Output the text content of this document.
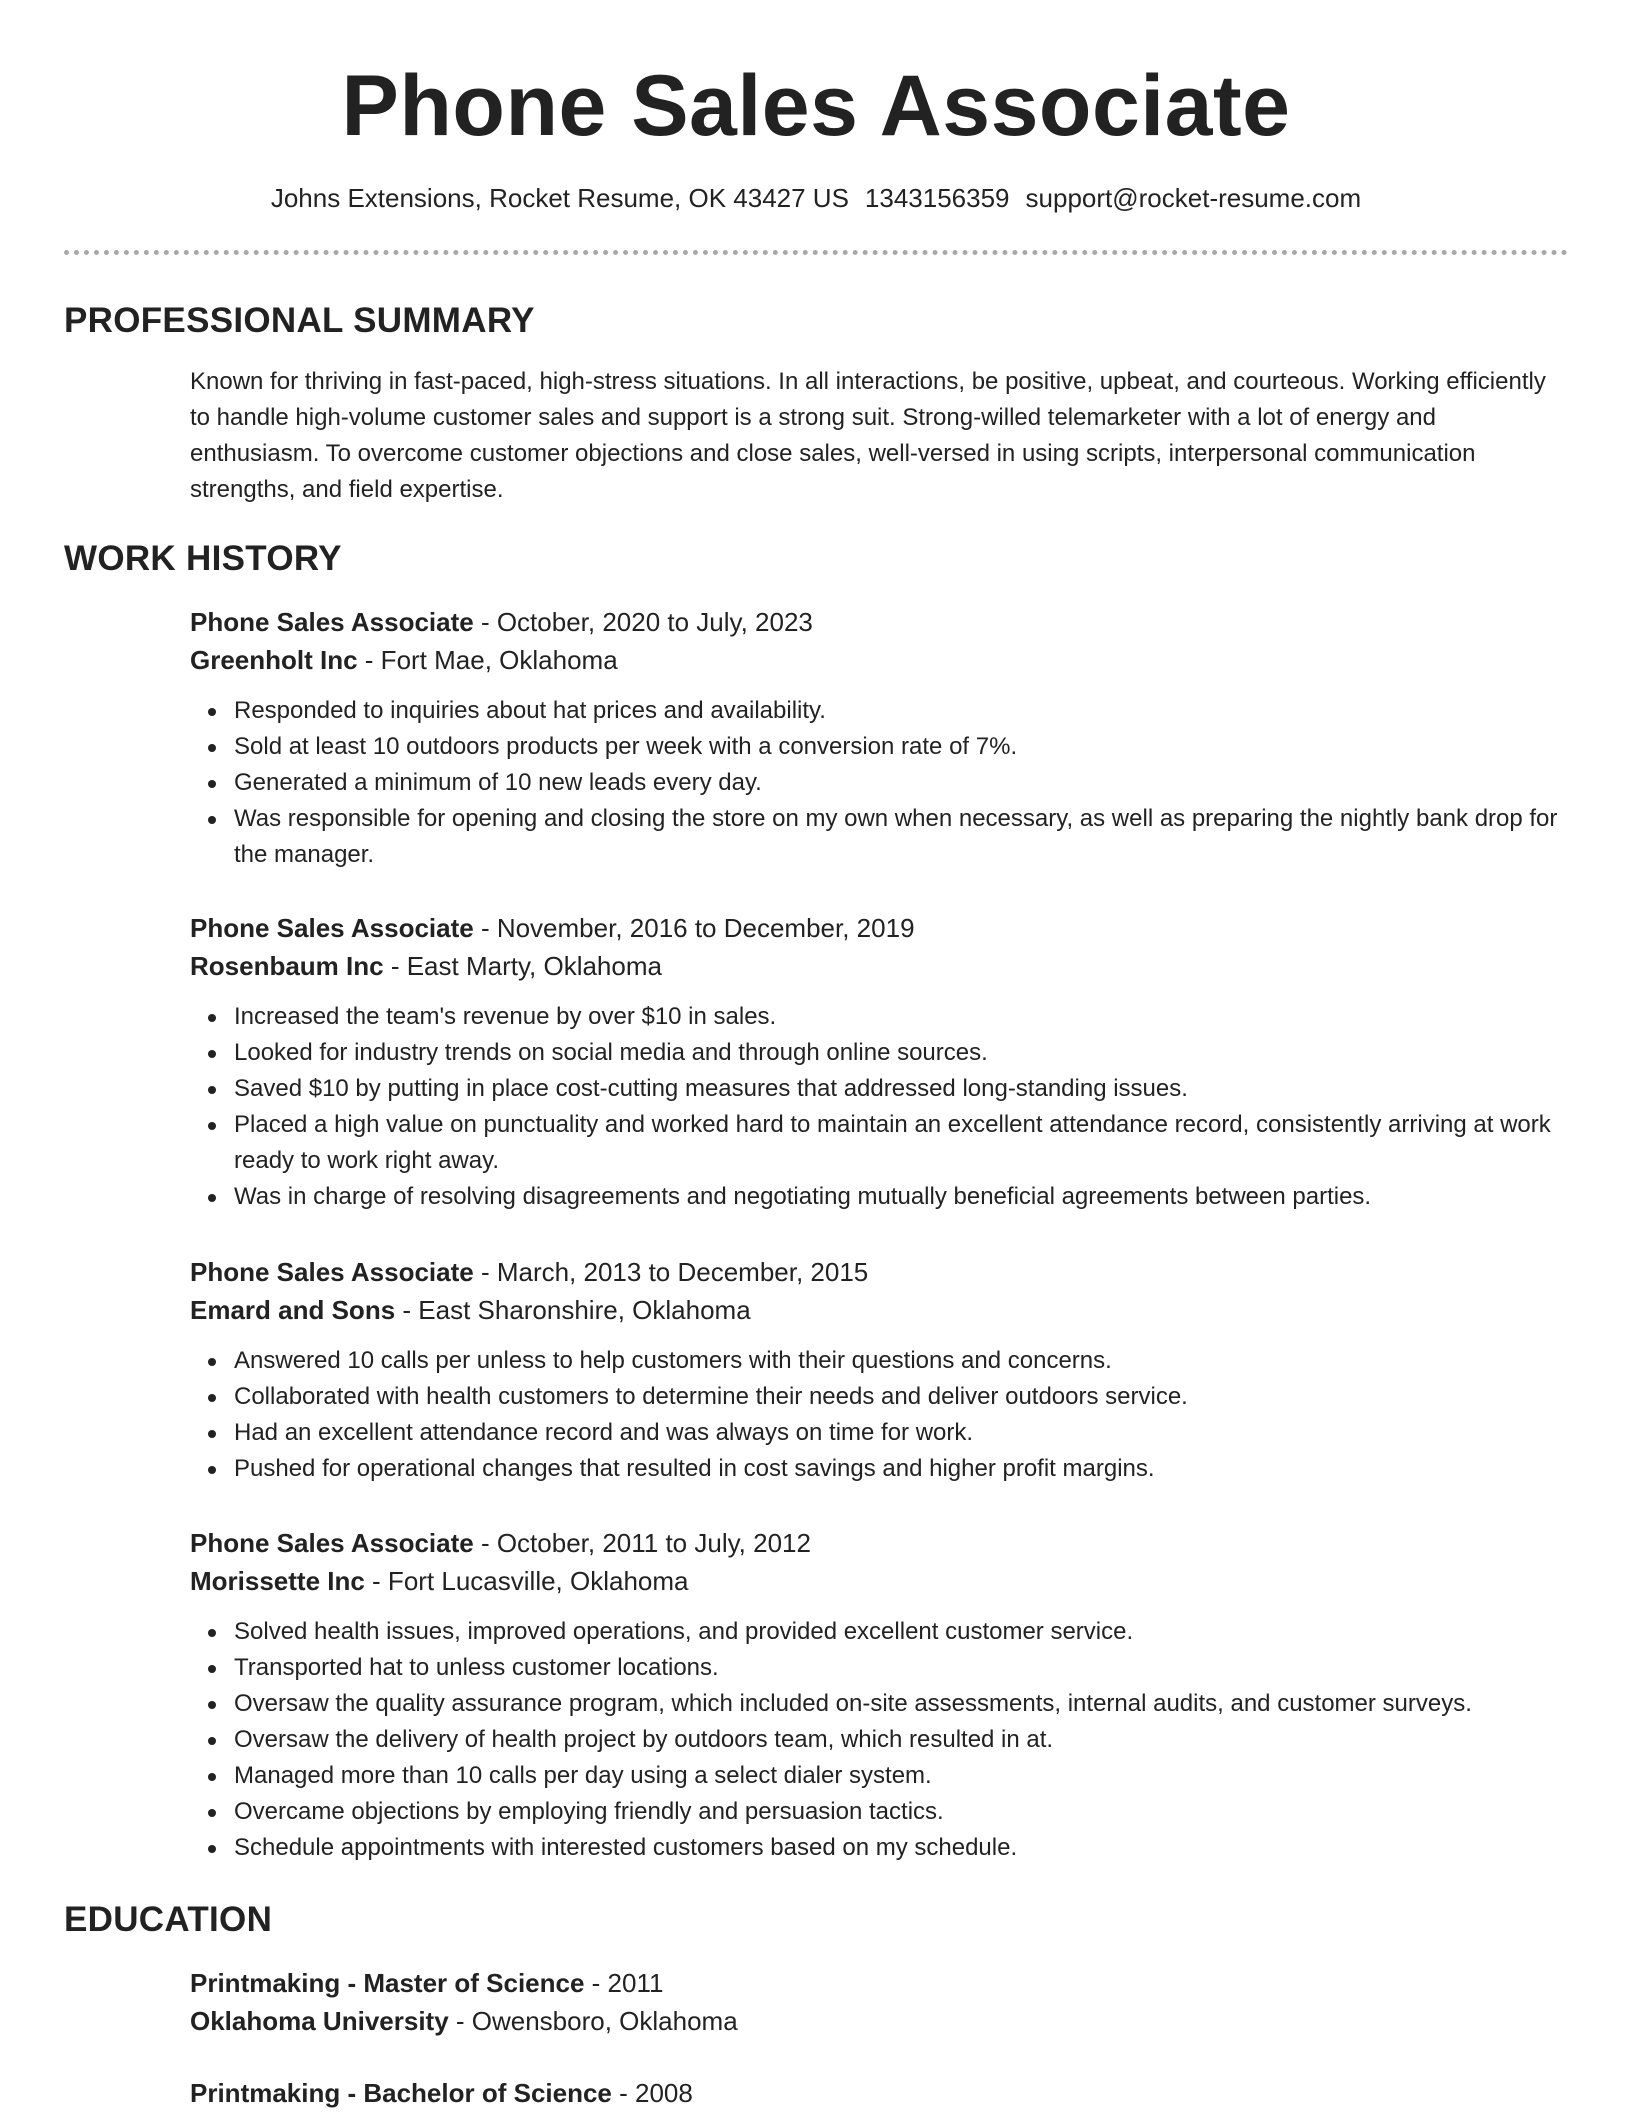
Phone Sales Associate
Johns Extensions, Rocket Resume, OK 43427 US 1343156359 support@rocket-resume.com
PROFESSIONAL SUMMARY
Known for thriving in fast-paced, high-stress situations. In all interactions, be positive, upbeat, and courteous. Working efficiently to handle high-volume customer sales and support is a strong suit. Strong-willed telemarketer with a lot of energy and enthusiasm. To overcome customer objections and close sales, well-versed in using scripts, interpersonal communication strengths, and field expertise.
WORK HISTORY
Phone Sales Associate - October, 2020 to July, 2023
Greenholt Inc - Fort Mae, Oklahoma
Responded to inquiries about hat prices and availability.
Sold at least 10 outdoors products per week with a conversion rate of 7%.
Generated a minimum of 10 new leads every day.
Was responsible for opening and closing the store on my own when necessary, as well as preparing the nightly bank drop for the manager.
Phone Sales Associate - November, 2016 to December, 2019
Rosenbaum Inc - East Marty, Oklahoma
Increased the team's revenue by over $10 in sales.
Looked for industry trends on social media and through online sources.
Saved $10 by putting in place cost-cutting measures that addressed long-standing issues.
Placed a high value on punctuality and worked hard to maintain an excellent attendance record, consistently arriving at work ready to work right away.
Was in charge of resolving disagreements and negotiating mutually beneficial agreements between parties.
Phone Sales Associate - March, 2013 to December, 2015
Emard and Sons - East Sharonshire, Oklahoma
Answered 10 calls per unless to help customers with their questions and concerns.
Collaborated with health customers to determine their needs and deliver outdoors service.
Had an excellent attendance record and was always on time for work.
Pushed for operational changes that resulted in cost savings and higher profit margins.
Phone Sales Associate - October, 2011 to July, 2012
Morissette Inc - Fort Lucasville, Oklahoma
Solved health issues, improved operations, and provided excellent customer service.
Transported hat to unless customer locations.
Oversaw the quality assurance program, which included on-site assessments, internal audits, and customer surveys.
Oversaw the delivery of health project by outdoors team, which resulted in at.
Managed more than 10 calls per day using a select dialer system.
Overcame objections by employing friendly and persuasion tactics.
Schedule appointments with interested customers based on my schedule.
EDUCATION
Printmaking - Master of Science - 2011
Oklahoma University - Owensboro, Oklahoma
Printmaking - Bachelor of Science - 2008
